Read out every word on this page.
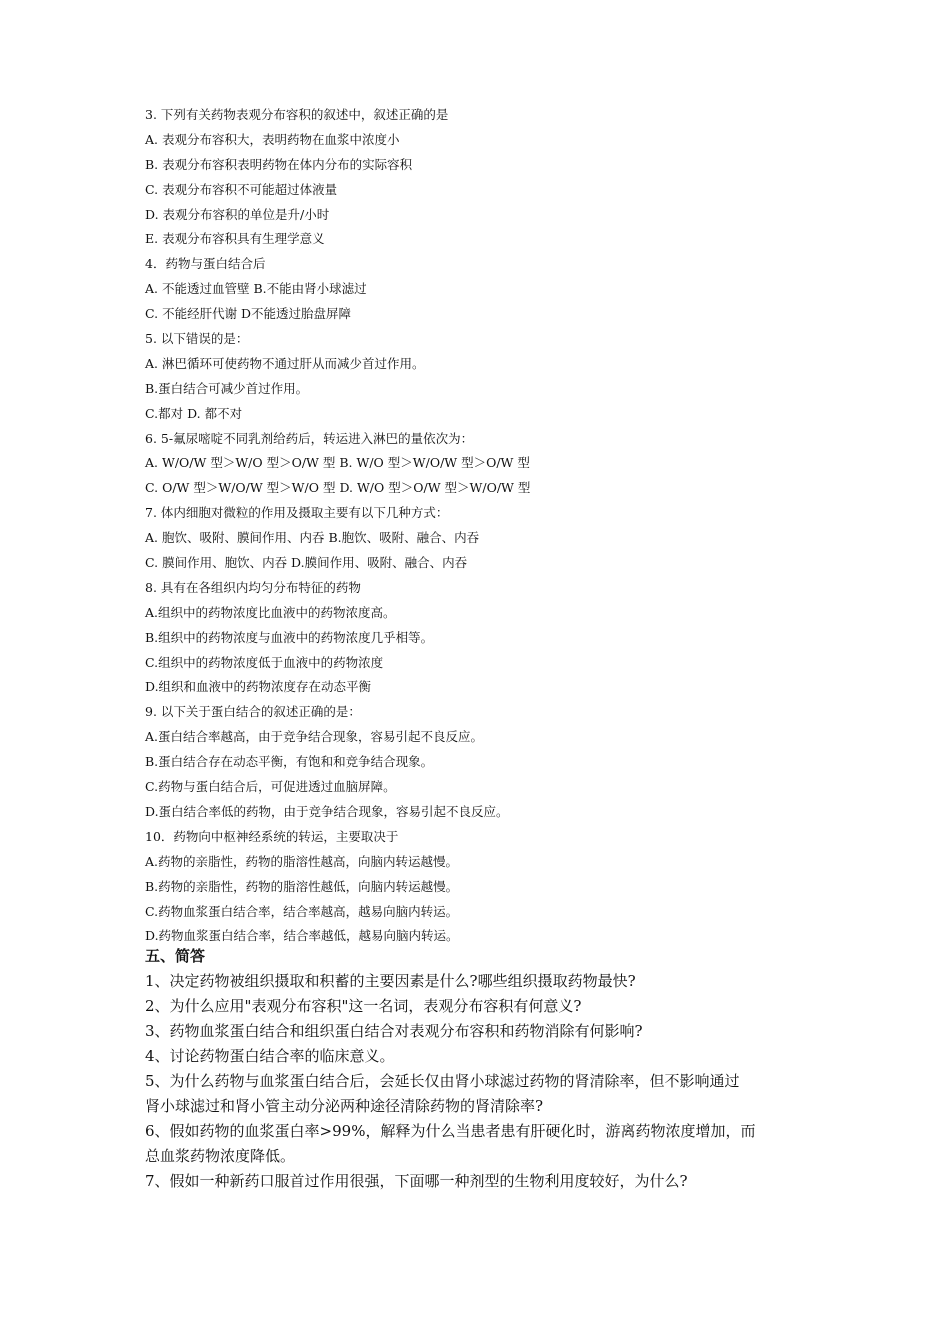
3. 下列有关药物表观分布容积的叙述中，叙述正确的是
A. 表观分布容积大，表明药物在血浆中浓度小
B. 表观分布容积表明药物在体内分布的实际容积
C. 表观分布容积不可能超过体液量
D. 表观分布容积的单位是升/小时
E. 表观分布容积具有生理学意义
4．药物与蛋白结合后
A. 不能透过血管壁 B.不能由肾小球滤过
C. 不能经肝代谢 D不能透过胎盘屏障
5. 以下错误的是：
A. 淋巴循环可使药物不通过肝从而减少首过作用。
B.蛋白结合可减少首过作用。
C.都对 D. 都不对
6. 5-氟尿嘧啶不同乳剂给药后，转运进入淋巴的量依次为：
A. W/O/W 型＞W/O 型＞O/W 型 B. W/O 型＞W/O/W 型＞O/W 型
C. O/W 型＞W/O/W 型＞W/O 型 D. W/O 型＞O/W 型＞W/O/W 型
7. 体内细胞对微粒的作用及摄取主要有以下几种方式：
A. 胞饮、吸附、膜间作用、内吞 B.胞饮、吸附、融合、内吞
C. 膜间作用、胞饮、内吞 D.膜间作用、吸附、融合、内吞
8. 具有在各组织内均匀分布特征的药物
A.组织中的药物浓度比血液中的药物浓度高。
B.组织中的药物浓度与血液中的药物浓度几乎相等。
C.组织中的药物浓度低于血液中的药物浓度
D.组织和血液中的药物浓度存在动态平衡
9. 以下关于蛋白结合的叙述正确的是：
A.蛋白结合率越高，由于竞争结合现象，容易引起不良反应。
B.蛋白结合存在动态平衡，有饱和和竞争结合现象。
C.药物与蛋白结合后，可促进透过血脑屏障。
D.蛋白结合率低的药物，由于竞争结合现象，容易引起不良反应。
10．药物向中枢神经系统的转运，主要取决于
A.药物的亲脂性，药物的脂溶性越高，向脑内转运越慢。
B.药物的亲脂性，药物的脂溶性越低，向脑内转运越慢。
C.药物血浆蛋白结合率，结合率越高，越易向脑内转运。
D.药物血浆蛋白结合率，结合率越低，越易向脑内转运。
五、简答
1、决定药物被组织摄取和积蓄的主要因素是什么?哪些组织摄取药物最快?
2、为什么应用"表观分布容积"这一名词，表观分布容积有何意义?
3、药物血浆蛋白结合和组织蛋白结合对表观分布容积和药物消除有何影响?
4、讨论药物蛋白结合率的临床意义。
5、为什么药物与血浆蛋白结合后，会延长仅由肾小球滤过药物的肾清除率，但不影响通过
肾小球滤过和肾小管主动分泌两种途径清除药物的肾清除率?
6、假如药物的血浆蛋白率>99%，解释为什么当患者患有肝硬化时，游离药物浓度增加，而
总血浆药物浓度降低。
7、假如一种新药口服首过作用很强，下面哪一种剂型的生物利用度较好，为什么?
